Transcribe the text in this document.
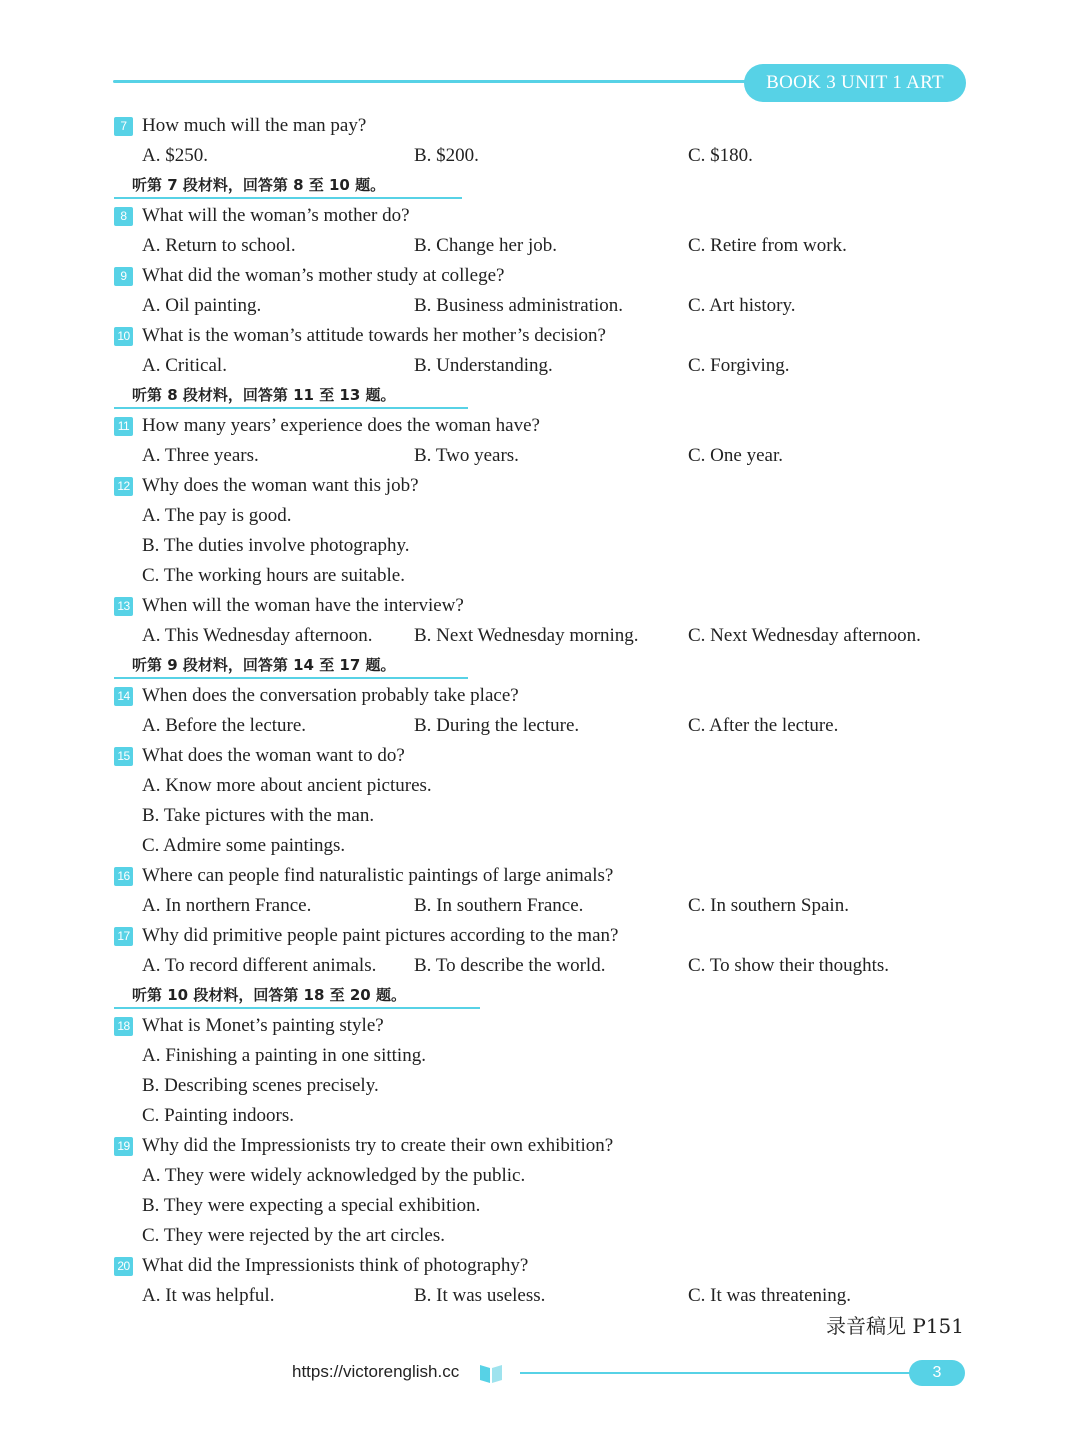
BOOK 3 UNIT 1 ART
7 How much will the man pay?
A. $250.	B. $200.	C. $180.
听第 7 段材料，回答第 8 至 10 题。
8 What will the woman’s mother do?
A. Return to school.	B. Change her job.	C. Retire from work.
9 What did the woman’s mother study at college?
A. Oil painting.	B. Business administration.	C. Art history.
10 What is the woman’s attitude towards her mother’s decision?
A. Critical.	B. Understanding.	C. Forgiving.
听第 8 段材料，回答第 11 至 13 题。
11 How many years’ experience does the woman have?
A. Three years.	B. Two years.	C. One year.
12 Why does the woman want this job?
A. The pay is good.
B. The duties involve photography.
C. The working hours are suitable.
13 When will the woman have the interview?
A. This Wednesday afternoon. B. Next Wednesday morning.	C. Next Wednesday afternoon.
听第 9 段材料，回答第 14 至 17 题。
14 When does the conversation probably take place?
A. Before the lecture.	B. During the lecture.	C. After the lecture.
15 What does the woman want to do?
A. Know more about ancient pictures.
B. Take pictures with the man.
C. Admire some paintings.
16 Where can people find naturalistic paintings of large animals?
A. In northern France.	B. In southern France.	C. In southern Spain.
17 Why did primitive people paint pictures according to the man?
A. To record different animals. B. To describe the world.	C. To show their thoughts.
听第 10 段材料，回答第 18 至 20 题。
18 What is Monet’s painting style?
A. Finishing a painting in one sitting.
B. Describing scenes precisely.
C. Painting indoors.
19 Why did the Impressionists try to create their own exhibition?
A. They were widely acknowledged by the public.
B. They were expecting a special exhibition.
C. They were rejected by the art circles.
20 What did the Impressionists think of photography?
A. It was helpful.	B. It was useless.	C. It was threatening.
录音稿见 P151
https://victorenglish.cc	3
